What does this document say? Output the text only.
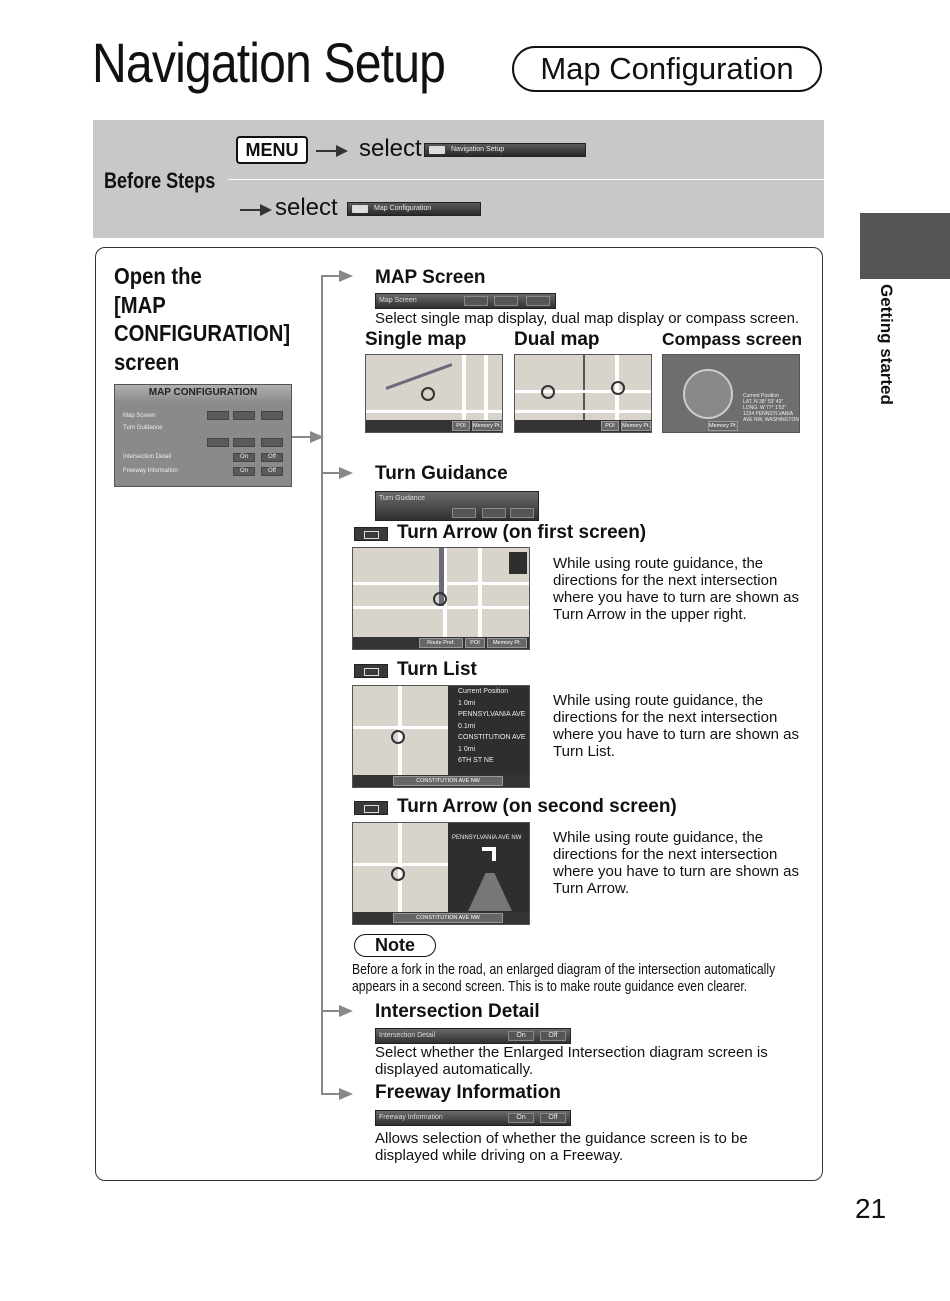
Navigation Setup	Map Configuration
Before Steps
MENU	select	Navigation Setup
select	Map Configuration
Open the
[MAP
CONFIGURATION]
screen
MAP CONFIGURATION
Map Screen
Turn Guidance
Intersection Detail	On	Off
Freeway Information	On	Off
MAP Screen
Map Screen
Select single map display, dual map display or compass screen.
Single map	Dual map	Compass screen
POI	Memory Pt.	POI	Memory Pt.
Current Position
LAT. N 38° 53' 43"
LONG. W 77° 1'52"
1234 PENNSYLVANIA
AVE NW, WASHINGTON
Memory Pt.
Turn Guidance
Turn Guidance
Turn Arrow (on first screen)
Route Pref.	POI	Memory Pt.
While using route guidance, the directions for the next intersection where you have to turn are shown as Turn Arrow in the upper right.
Turn List
Current Position
1 0mi
PENNSYLVANIA AVE
0.1mi
CONSTITUTION AVE
1 0mi
6TH ST NE
CONSTITUTION AVE NW
While using route guidance, the directions for the next intersection where you have to turn are shown as Turn List.
Turn Arrow (on second screen)
PENNSYLVANIA AVE NW
CONSTITUTION AVE NW
While using route guidance, the directions for the next intersection where you have to turn are shown as Turn Arrow.
Note
Before a fork in the road, an enlarged diagram of the intersection automatically appears in a second screen. This is to make route guidance even clearer.
Intersection Detail
Intersection Detail	On	Off
Select whether the Enlarged Intersection diagram screen is displayed automatically.
Freeway Information
Freeway Information	On	Off
Allows selection of whether the guidance screen is to be displayed while driving on a Freeway.
Getting started
21
